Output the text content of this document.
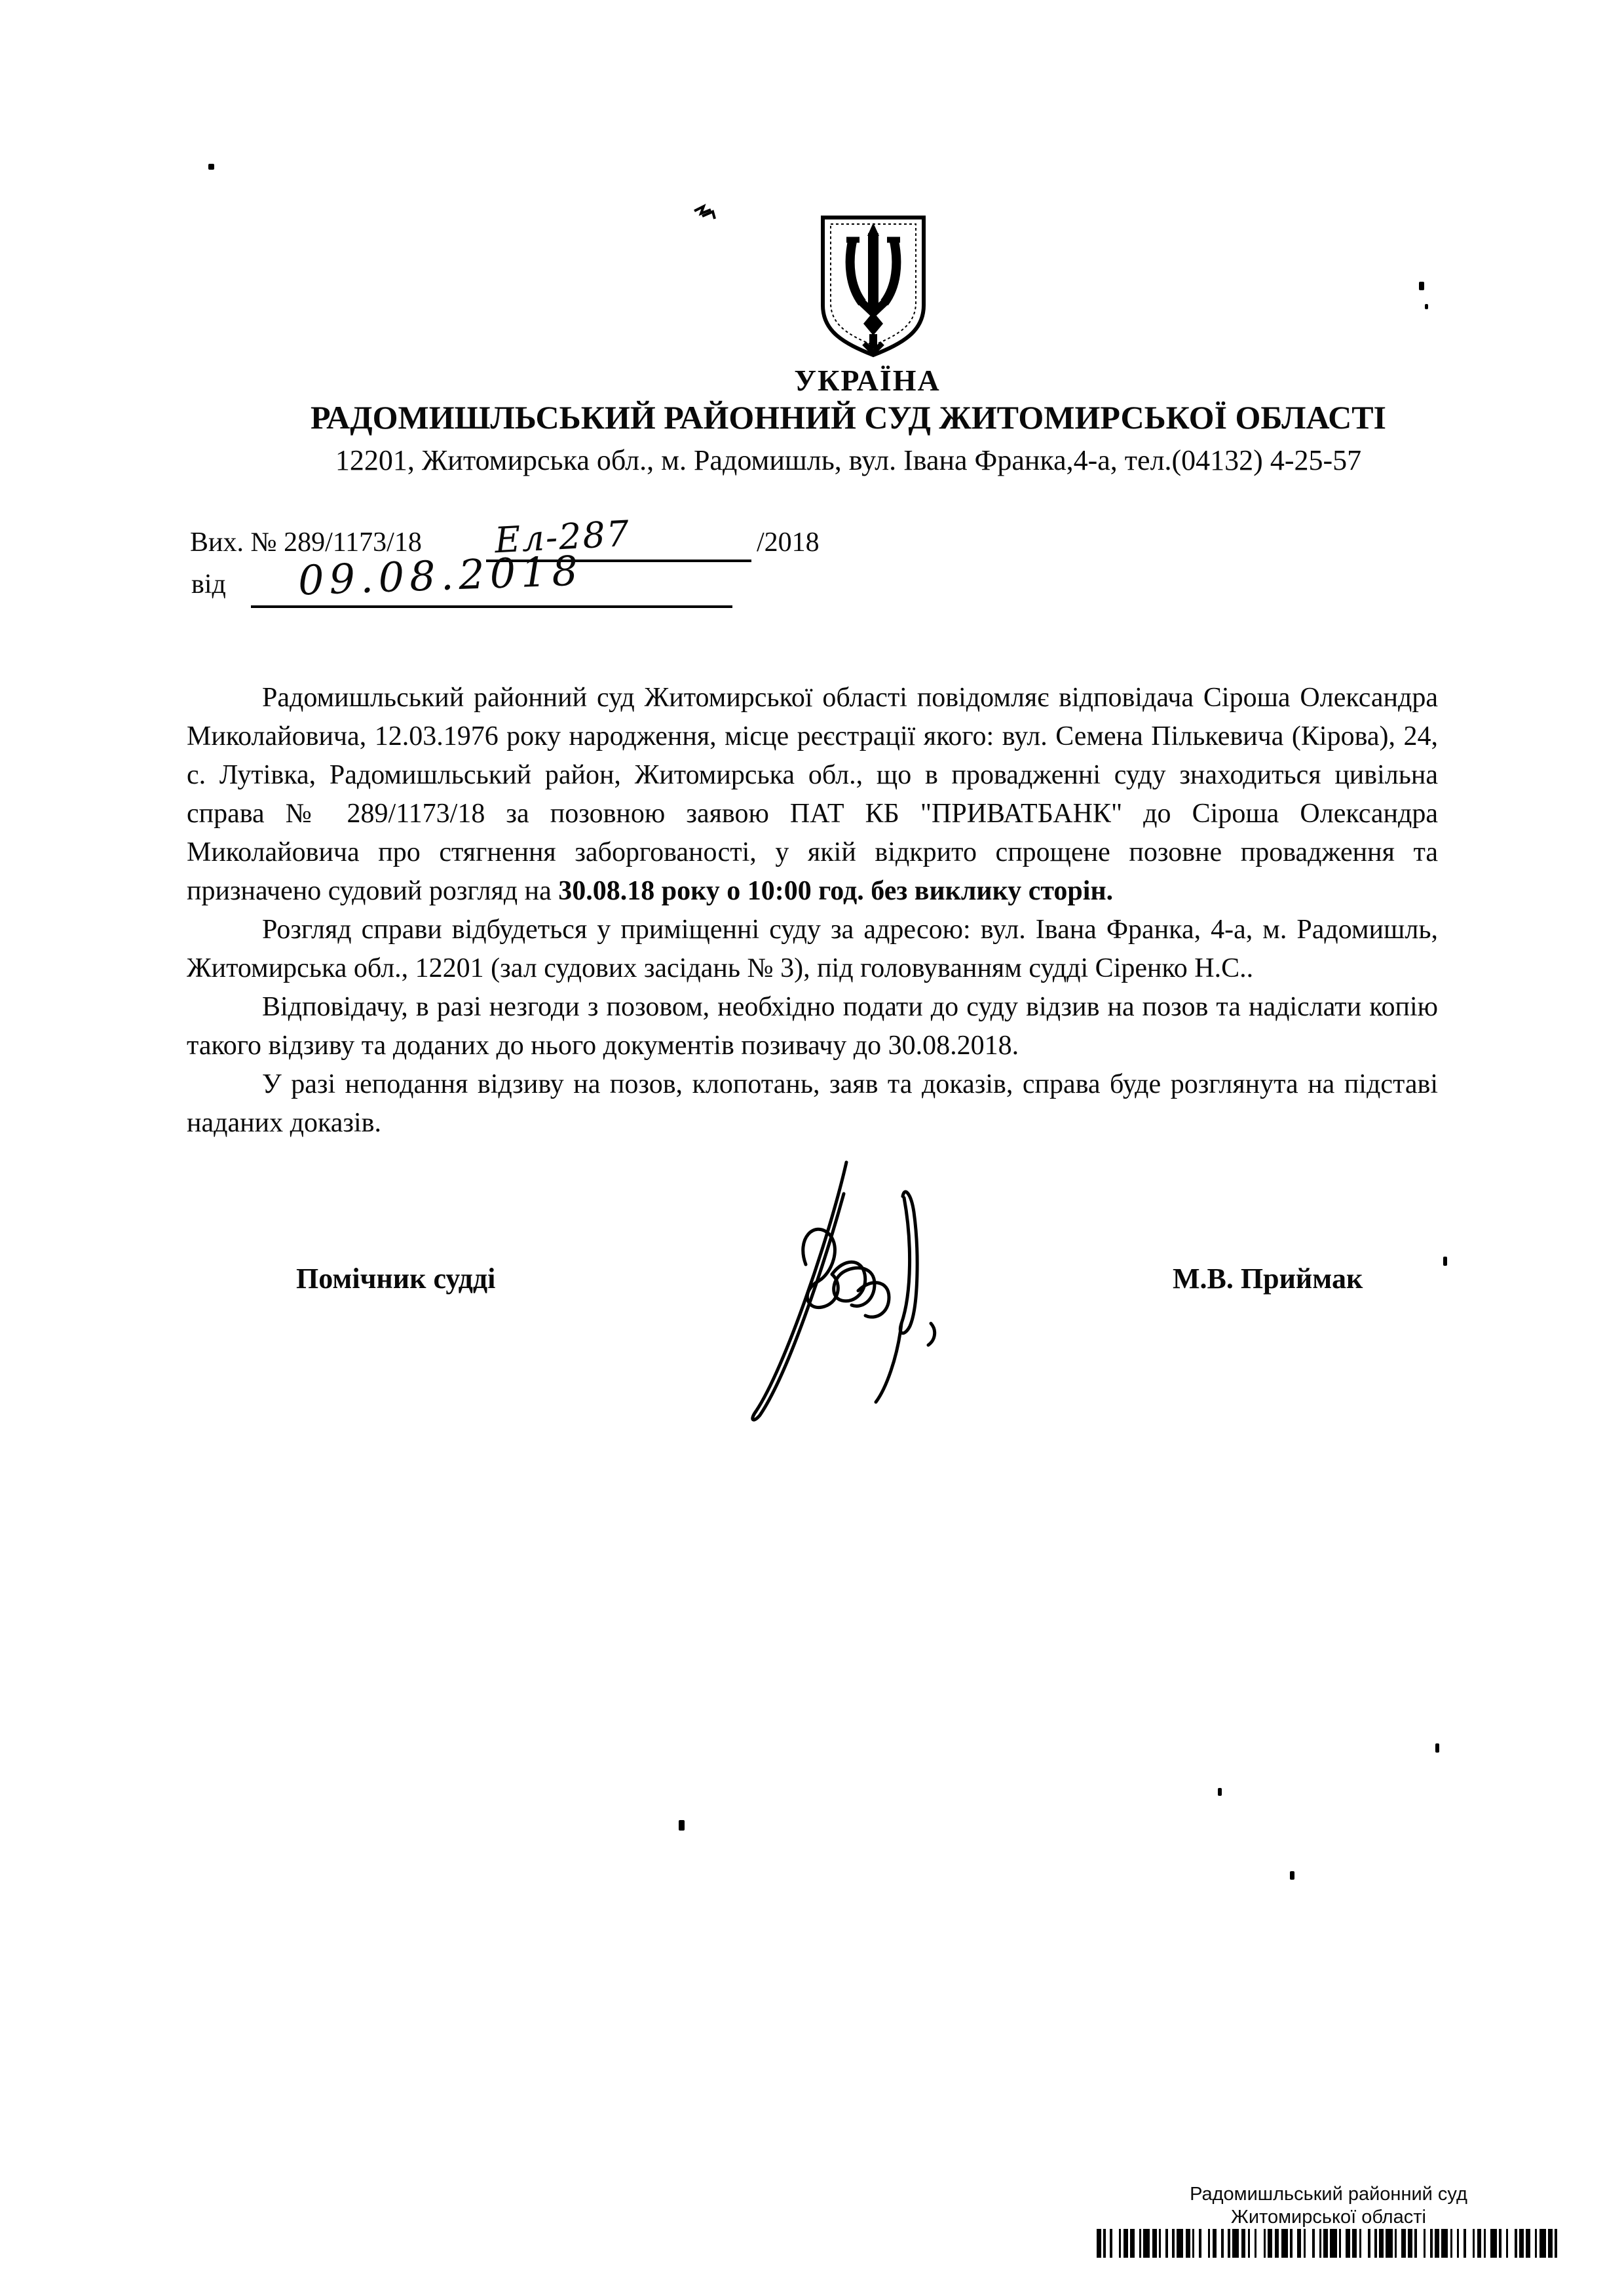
УКРАЇНА
РАДОМИШЛЬСЬКИЙ РАЙОННИЙ СУД ЖИТОМИРСЬКОЇ ОБЛАСТІ
12201, Житомирська обл., м. Радомишль, вул. Івана Франка,4-а, тел.(04132) 4-25-57
Вих. № 289/1173/18 Ел-287	/2018
від 09.08.2018

Радомишльський районний суд Житомирської області повідомляє відповідача Сіроша Олександра Миколайовича, 12.03.1976 року народження, місце реєстрації якого: вул. Семена Пількевича (Кірова), 24, с. Лутівка, Радомишльський район, Житомирська обл., що в провадженні суду знаходиться цивільна справа № 289/1173/18 за позовною заявою ПАТ КБ "ПРИВАТБАНК" до Сіроша Олександра Миколайовича про стягнення заборгованості, у якій відкрито спрощене позовне провадження та призначено судовий розгляд на 30.08.18 року о 10:00 год. без виклику сторін.

Розгляд справи відбудеться у приміщенні суду за адресою: вул. Івана Франка, 4-а, м. Радомишль, Житомирська обл., 12201 (зал судових засідань № 3), під головуванням судді Сіренко Н.С..

Відповідачу, в разі незгоди з позовом, необхідно подати до суду відзив на позов та надіслати копію такого відзиву та доданих до нього документів позивачу до 30.08.2018.

У разі неподання відзиву на позов, клопотань, заяв та доказів, справа буде розглянута на підставі наданих доказів.

Помічник судді	М.В. Приймак
Радомишльський районний суд
Житомирської області
